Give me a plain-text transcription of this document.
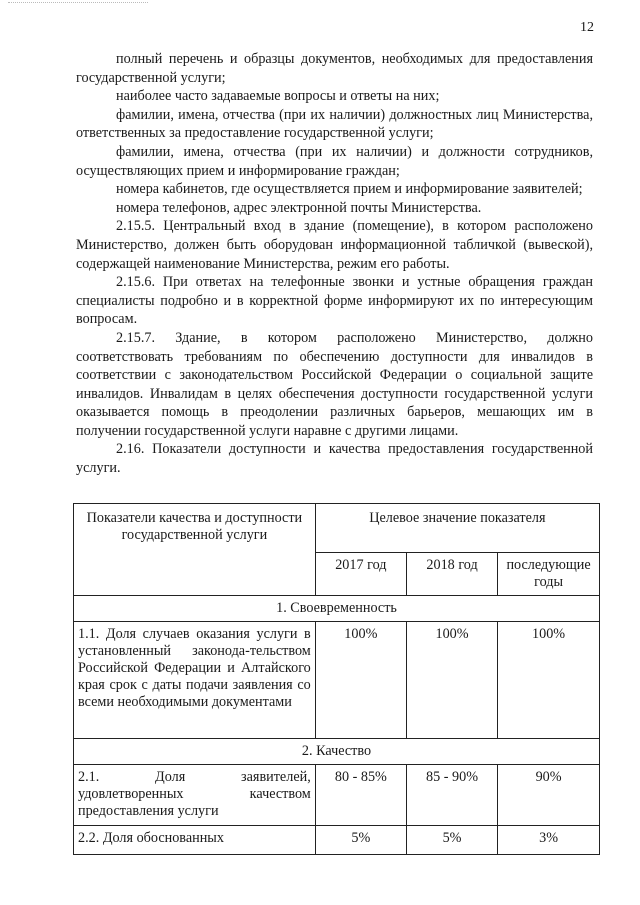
12

полный перечень и образцы документов, необходимых для предоставления государственной услуги;

наиболее часто задаваемые вопросы и ответы на них;

фамилии, имена, отчества (при их наличии) должностных лиц Министерства, ответственных за предоставление государственной услуги;

фамилии, имена, отчества (при их наличии) и должности сотрудников, осуществляющих прием и информирование граждан;

номера кабинетов, где осуществляется прием и информирование заявителей;

номера телефонов, адрес электронной почты Министерства.

2.15.5. Центральный вход в здание (помещение), в котором расположено Министерство, должен быть оборудован информационной табличкой (вывеской), содержащей наименование Министерства, режим его работы.

2.15.6. При ответах на телефонные звонки и устные обращения граждан специалисты подробно и в корректной форме информируют их по интересующим вопросам.

2.15.7. Здание, в котором расположено Министерство, должно соответствовать требованиям по обеспечению доступности для инвалидов в соответствии с законодательством Российской Федерации о социальной защите инвалидов. Инвалидам в целях обеспечения доступности государственной услуги оказывается помощь в преодолении различных барьеров, мешающих им в получении государственной услуги наравне с другими лицами.

2.16. Показатели доступности и качества предоставления государственной услуги.

Показатели качества и доступности государственной услуги	Целевое значение показателя		
	2017 год	2018 год	последующие годы
1. Своевременность			
1.1. Доля случаев оказания услуги в установленный законода-тельством Российской Федерации и Алтайского края срок с даты подачи заявления со всеми необходимыми документами	100%	100%	100%
2. Качество			
2.1. Доля заявителей, удовлетворенных качеством предоставления услуги	80 - 85%	85 - 90%	90%
2.2. Доля обоснованных	5%	5%	3%
